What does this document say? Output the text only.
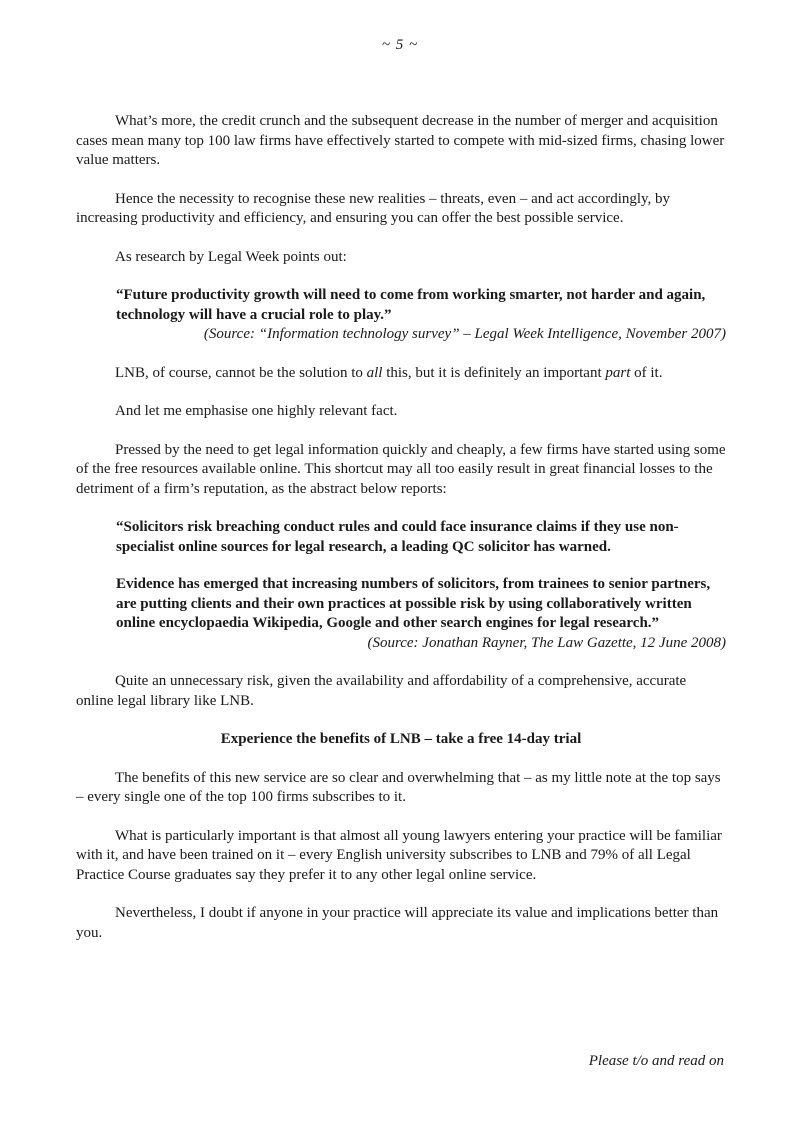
~ 5 ~

What’s more, the credit crunch and the subsequent decrease in the number of merger and acquisition cases mean many top 100 law firms have effectively started to compete with mid-sized firms, chasing lower value matters.

Hence the necessity to recognise these new realities – threats, even – and act accordingly, by increasing productivity and efficiency, and ensuring you can offer the best possible service.

As research by Legal Week points out:

“Future productivity growth will need to come from working smarter, not harder and again, technology will have a crucial role to play.”

(Source: “Information technology survey” – Legal Week Intelligence, November 2007)

LNB, of course, cannot be the solution to all this, but it is definitely an important part of it.

And let me emphasise one highly relevant fact.

Pressed by the need to get legal information quickly and cheaply, a few firms have started using some of the free resources available online. This shortcut may all too easily result in great financial losses to the detriment of a firm’s reputation, as the abstract below reports:

“Solicitors risk breaching conduct rules and could face insurance claims if they use non-specialist online sources for legal research, a leading QC solicitor has warned.

Evidence has emerged that increasing numbers of solicitors, from trainees to senior partners, are putting clients and their own practices at possible risk by using collaboratively written online encyclopaedia Wikipedia, Google and other search engines for legal research.”

(Source: Jonathan Rayner, The Law Gazette, 12 June 2008)

Quite an unnecessary risk, given the availability and affordability of a comprehensive, accurate online legal library like LNB.

Experience the benefits of LNB – take a free 14-day trial

The benefits of this new service are so clear and overwhelming that – as my little note at the top says – every single one of the top 100 firms subscribes to it.

What is particularly important is that almost all young lawyers entering your practice will be familiar with it, and have been trained on it – every English university subscribes to LNB and 79% of all Legal Practice Course graduates say they prefer it to any other legal online service.

Nevertheless, I doubt if anyone in your practice will appreciate its value and implications better than you.

Please t/o and read on
